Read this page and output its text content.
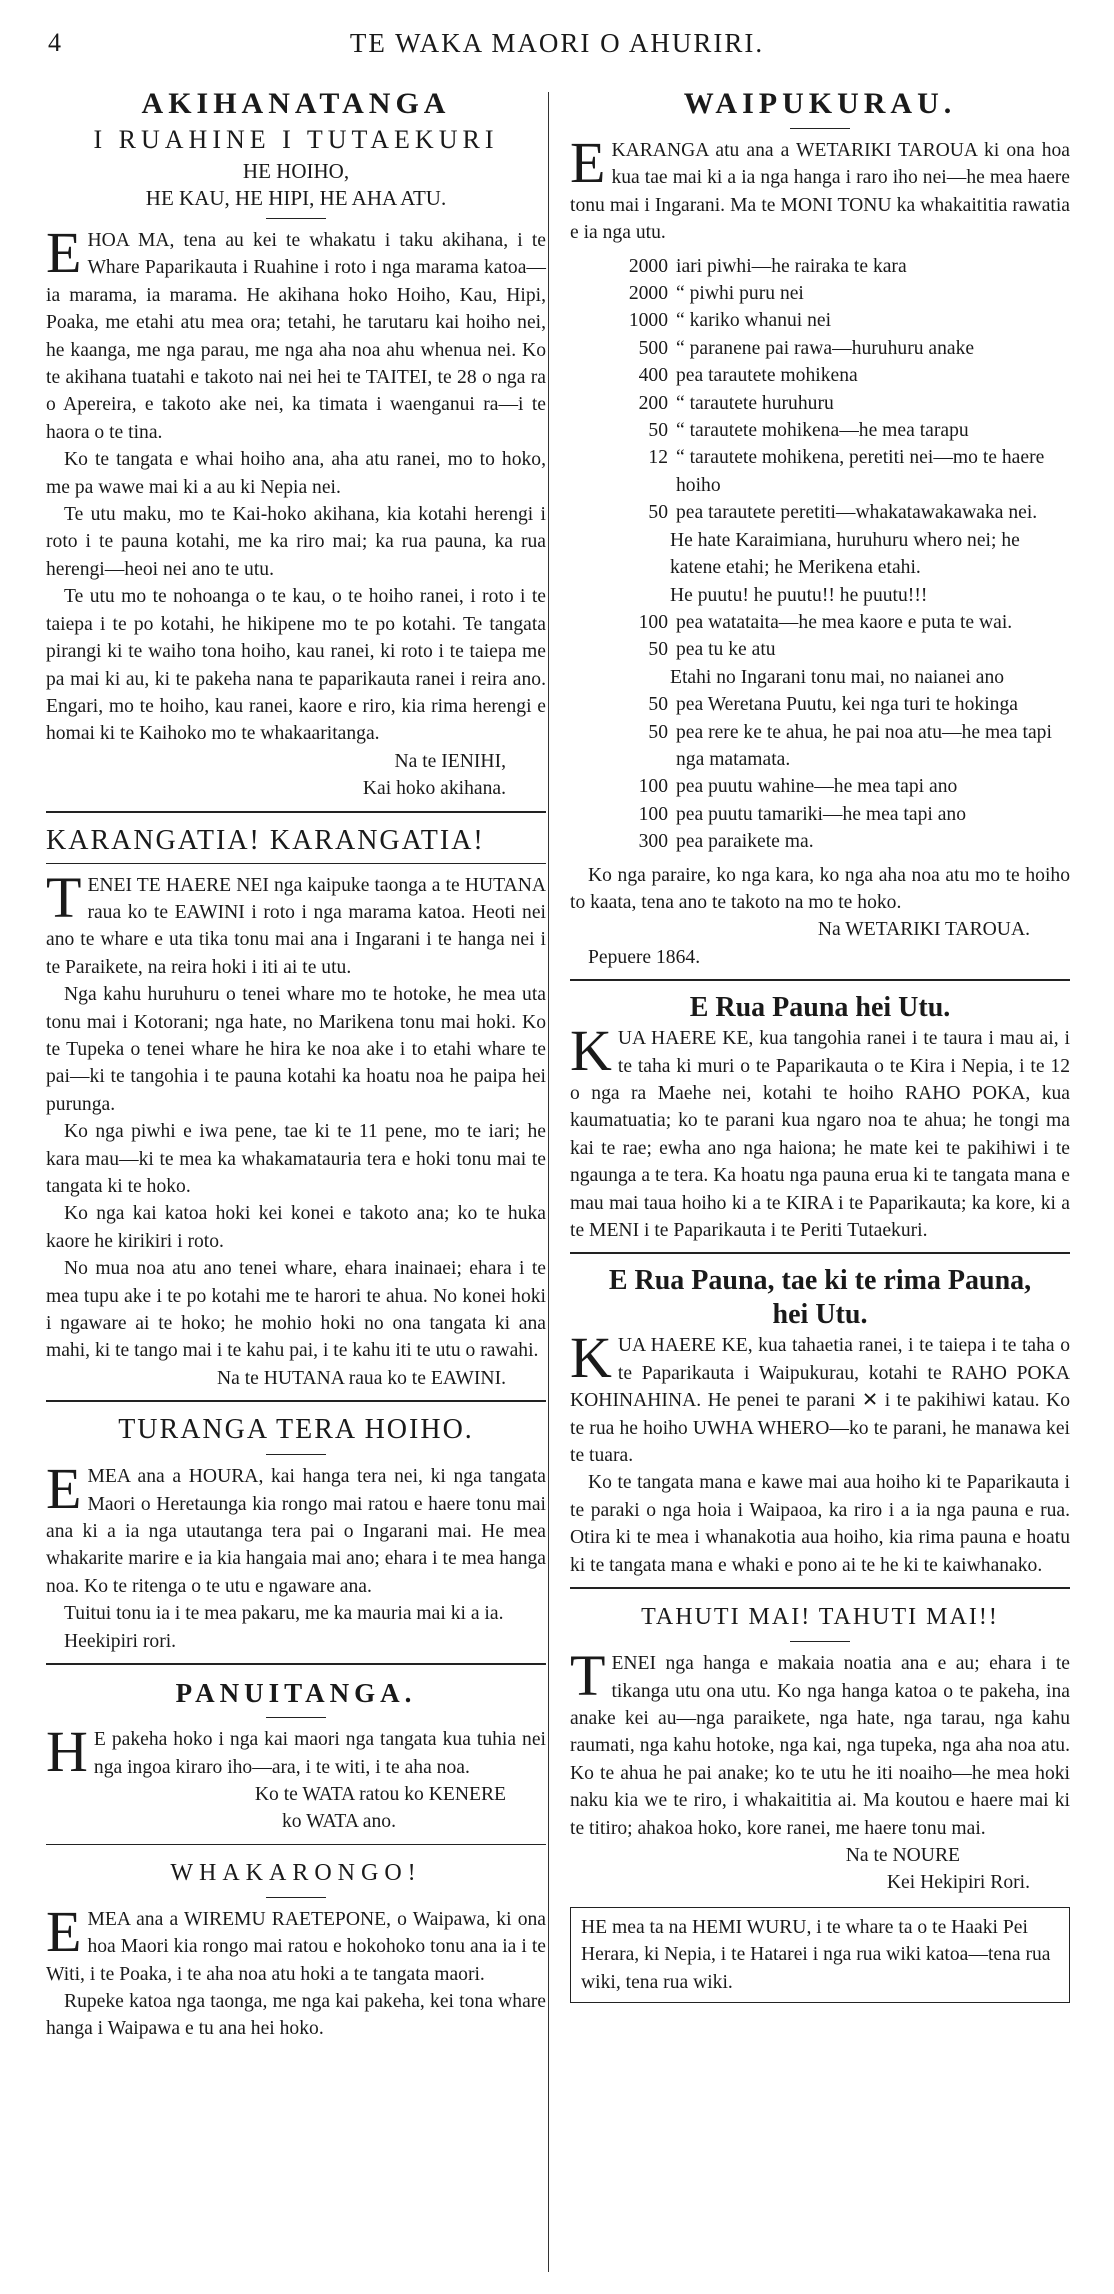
4	TE WAKA MAORI O AHURIRI.
AKIHANATANGA
I RUAHINE I TUTAEKURI
HE HOIHO,
HE KAU, HE HIPI, HE AHA ATU.

EHOA MA, tena au kei te whakatu i taku akihana, i te Whare Paparikauta i Ruahine i roto i nga marama katoa—ia marama, ia marama. He akihana hoko Hoiho, Kau, Hipi, Poaka, me etahi atu mea ora; tetahi, he tarutaru kai hoiho nei, he kaanga, me nga parau, me nga aha noa ahu whenua nei. Ko te akihana tuatahi e takoto nai nei hei te TAITEI, te 28 o nga ra o Apereira, e takoto ake nei, ka timata i waenganui ra—i te haora o te tina.

Ko te tangata e whai hoiho ana, aha atu ranei, mo to hoko, me pa wawe mai ki a au ki Nepia nei.

Te utu maku, mo te Kai-hoko akihana, kia kotahi herengi i roto i te pauna kotahi, me ka riro mai; ka rua pauna, ka rua herengi—heoi nei ano te utu.

Te utu mo te nohoanga o te kau, o te hoiho ranei, i roto i te taiepa i te po kotahi, he hikipene mo te po kotahi. Te tangata pirangi ki te waiho tona hoiho, kau ranei, ki roto i te taiepa me pa mai ki au, ki te pakeha nana te paparikauta ranei i reira ano. Engari, mo te hoiho, kau ranei, kaore e riro, kia rima herengi e homai ki te Kaihoko mo te whakaaritanga.

Na te IENIHI,
Kai hoko akihana.
KARANGATIA! KARANGATIA!

TENEI TE HAERE NEI nga kaipuke taonga a te HUTANA raua ko te EAWINI i roto i nga marama katoa. Heoti nei ano te whare e uta tika tonu mai ana i Ingarani i te hanga nei i te Paraikete, na reira hoki i iti ai te utu.

Nga kahu huruhuru o tenei whare mo te hotoke, he mea uta tonu mai i Kotorani; nga hate, no Marikena tonu mai hoki. Ko te Tupeka o tenei whare he hira ke noa ake i to etahi whare te pai—ki te tangohia i te pauna kotahi ka hoatu noa he paipa hei purunga.

Ko nga piwhi e iwa pene, tae ki te 11 pene, mo te iari; he kara mau—ki te mea ka whakamatauria tera e hoki tonu mai te tangata ki te hoko.

Ko nga kai katoa hoki kei konei e takoto ana; ko te huka kaore he kirikiri i roto.

No mua noa atu ano tenei whare, ehara inainaei; ehara i te mea tupu ake i te po kotahi me te harori te ahua. No konei hoki i ngaware ai te hoko; he mohio hoki no ona tangata ki ana mahi, ki te tango mai i te kahu pai, i te kahu iti te utu o rawahi.

Na te HUTANA raua ko te EAWINI.
TURANGA TERA HOIHO.

EMEA ana a HOURA, kai hanga tera nei, ki nga tangata Maori o Heretaunga kia rongo mai ratou e haere tonu mai ana ki a ia nga utautanga tera pai o Ingarani mai. He mea whakarite marire e ia kia hangaia mai ano; ehara i te mea hanga noa. Ko te ritenga o te utu e ngaware ana.

Tuitui tonu ia i te mea pakaru, me ka mauria mai ki a ia.

Heekipiri rori.

PANUITANGA.

H E pakeha hoko i nga kai maori nga tangata kua tuhia nei nga ingoa kiraro iho—ara, i te witi, i te aha noa.

Ko te WATA ratou ko KENERE
ko WATA ano.
WHAKARONGO!

EMEA ana a WIREMU RAETEPONE, o Waipawa, ki ona hoa Maori kia rongo mai ratou e hokohoko tonu ana ia i te Witi, i te Poaka, i te aha noa atu hoki a te tangata maori.

Rupeke katoa nga taonga, me nga kai pakeha, kei tona whare hanga i Waipawa e tu ana hei hoko.

WAIPUKURAU.

EKARANGA atu ana a WETARIKI TAROUA ki ona hoa kua tae mai ki a ia nga hanga i raro iho nei—he mea haere tonu mai i Ingarani. Ma te MONI TONU ka whakaititia rawatia e ia nga utu.

2000 iari piwhi—he rairaka te kara
2000 “ piwhi puru nei
1000 “ kariko whanui nei
500 “ paranene pai rawa—huruhuru anake
400 pea tarautete mohikena
200 “ tarautete huruhuru
50 “ tarautete mohikena—he mea tarapu
12 “ tarautete mohikena, peretiti nei—mo te haere hoiho
50 pea tarautete peretiti—whakatawakawaka nei.
He hate Karaimiana, huruhuru whero nei; he katene etahi; he Merikena etahi.
He puutu! he puutu!! he puutu!!!
100 pea watataita—he mea kaore e puta te wai.
50 pea tu ke atu
Etahi no Ingarani tonu mai, no naianei ano
50 pea Weretana Puutu, kei nga turi te hokinga
50 pea rere ke te ahua, he pai noa atu—he mea tapi nga matamata.
100 pea puutu wahine—he mea tapi ano
100 pea puutu tamariki—he mea tapi ano
300 pea paraikete ma.

Ko nga paraire, ko nga kara, ko nga aha noa atu mo te hoiho to kaata, tena ano te takoto na mo te hoko.

Na WETARIKI TAROUA.
Pepuere 1864.
E Rua Pauna hei Utu.

KUA HAERE KE, kua tangohia ranei i te taura i mau ai, i te taha ki muri o te Paparikauta o te Kira i Nepia, i te 12 o nga ra Maehe nei, kotahi te hoiho RAHO POKA, kua kaumatuatia; ko te parani kua ngaro noa te ahua; he tongi ma kai te rae; ewha ano nga haiona; he mate kei te pakihiwi i te ngaunga a te tera. Ka hoatu nga pauna erua ki te tangata mana e mau mai taua hoiho ki a te KIRA i te Paparikauta; ka kore, ki a te MENI i te Paparikauta i te Periti Tutaekuri.

E Rua Pauna, tae ki te rima Pauna,
hei Utu.

KUA HAERE KE, kua tahaetia ranei, i te taiepa i te taha o te Paparikauta i Waipukurau, kotahi te RAHO POKA KOHINAHINA. He penei te parani ✕ i te pakihiwi katau. Ko te rua he hoiho UWHA WHERO—ko te parani, he manawa kei te tuara.

Ko te tangata mana e kawe mai aua hoiho ki te Paparikauta i te paraki o nga hoia i Waipaoa, ka riro i a ia nga pauna e rua. Otira ki te mea i whanakotia aua hoiho, kia rima pauna e hoatu ki te tangata mana e whaki e pono ai te he ki te kaiwhanako.

TAHUTI MAI! TAHUTI MAI!!

TENEI nga hanga e makaia noatia ana e au; ehara i te tikanga utu ona utu. Ko nga hanga katoa o te pakeha, ina anake kei au—nga paraikete, nga hate, nga tarau, nga kahu raumati, nga kahu hotoke, nga kai, nga tupeka, nga aha noa atu. Ko te ahua he pai anake; ko te utu he iti noaiho—he mea hoki naku kia we te riro, i whakaititia ai. Ma koutou e haere mai ki te titiro; ahakoa hoko, kore ranei, me haere tonu mai.

Na te NOURE
Kei Hekipiri Rori.
HE mea ta na HEMI WURU, i te whare ta o te Haaki Pei Herara, ki Nepia, i te Hatarei i nga rua wiki katoa—tena rua wiki, tena rua wiki.
